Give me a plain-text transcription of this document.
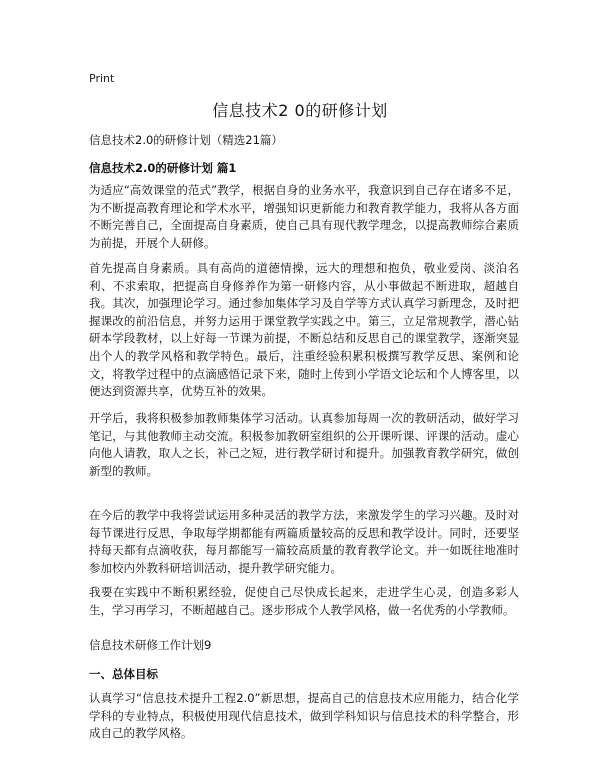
Print
信息技术2 0的研修计划
信息技术2.0的研修计划（精选21篇）
信息技术2.0的研修计划 篇1
为适应“高效课堂的范式”教学，根据自身的业务水平，我意识到自己存在诸多不足，为不断提高教育理论和学术水平，增强知识更新能力和教育教学能力，我将从各方面不断完善自己，全面提高自身素质，使自己具有现代教学理念，以提高教师综合素质为前提，开展个人研修。
首先提高自身素质。具有高尚的道德情操，远大的理想和抱负，敬业爱岗、淡泊名利、不求索取，把提高自身修养作为第一研修内容，从小事做起不断进取，超越自我。其次，加强理论学习。通过参加集体学习及自学等方式认真学习新理念，及时把握课改的前沿信息，并努力运用于课堂教学实践之中。第三，立足常规教学，潜心钻研本学段教材，以上好每一节课为前提，不断总结和反思自己的课堂教学，逐渐突显出个人的教学风格和教学特色。最后，注重经验积累积极撰写教学反思、案例和论文，将教学过程中的点滴感悟记录下来，随时上传到小学语文论坛和个人博客里，以便达到资源共享，优势互补的效果。
开学后，我将积极参加教师集体学习活动。认真参加每周一次的教研活动，做好学习笔记，与其他教师主动交流。积极参加教研室组织的公开课听课、评课的活动。虚心向他人请教，取人之长，补己之短，进行教学研讨和提升。加强教育教学研究，做创新型的教师。
在今后的教学中我将尝试运用多种灵活的教学方法，来激发学生的学习兴趣。及时对每节课进行反思，争取每学期都能有两篇质量较高的反思和教学设计。同时，还要坚持每天都有点滴收获，每月都能写一篇较高质量的教育教学论文。并一如既往地准时参加校内外教科研培训活动，提升教学研究能力。
我要在实践中不断积累经验，促使自己尽快成长起来，走进学生心灵，创造多彩人生，学习再学习，不断超越自己。逐步形成个人教学风格，做一名优秀的小学教师。
信息技术研修工作计划9
一、总体目标
认真学习“信息技术提升工程2.0”新思想，提高自己的信息技术应用能力，结合化学学科的专业特点，积极使用现代信息技术，做到学科知识与信息技术的科学整合，形成自己的教学风格。
